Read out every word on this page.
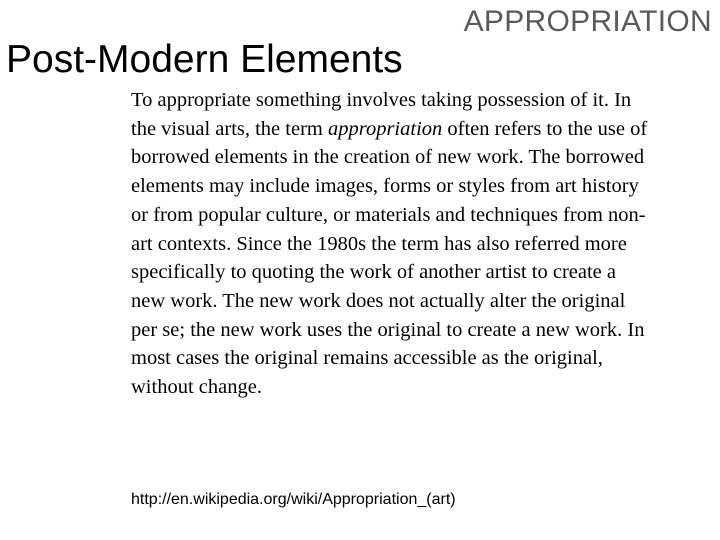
APPROPRIATION
Post-Modern Elements

To appropriate something involves taking possession of it. In the visual arts, the term appropriation often refers to the use of borrowed elements in the creation of new work. The borrowed elements may include images, forms or styles from art history or from popular culture, or materials and techniques from non-art contexts. Since the 1980s the term has also referred more specifically to quoting the work of another artist to create a new work. The new work does not actually alter the original per se; the new work uses the original to create a new work. In most cases the original remains accessible as the original, without change.

http://en.wikipedia.org/wiki/Appropriation_(art)
